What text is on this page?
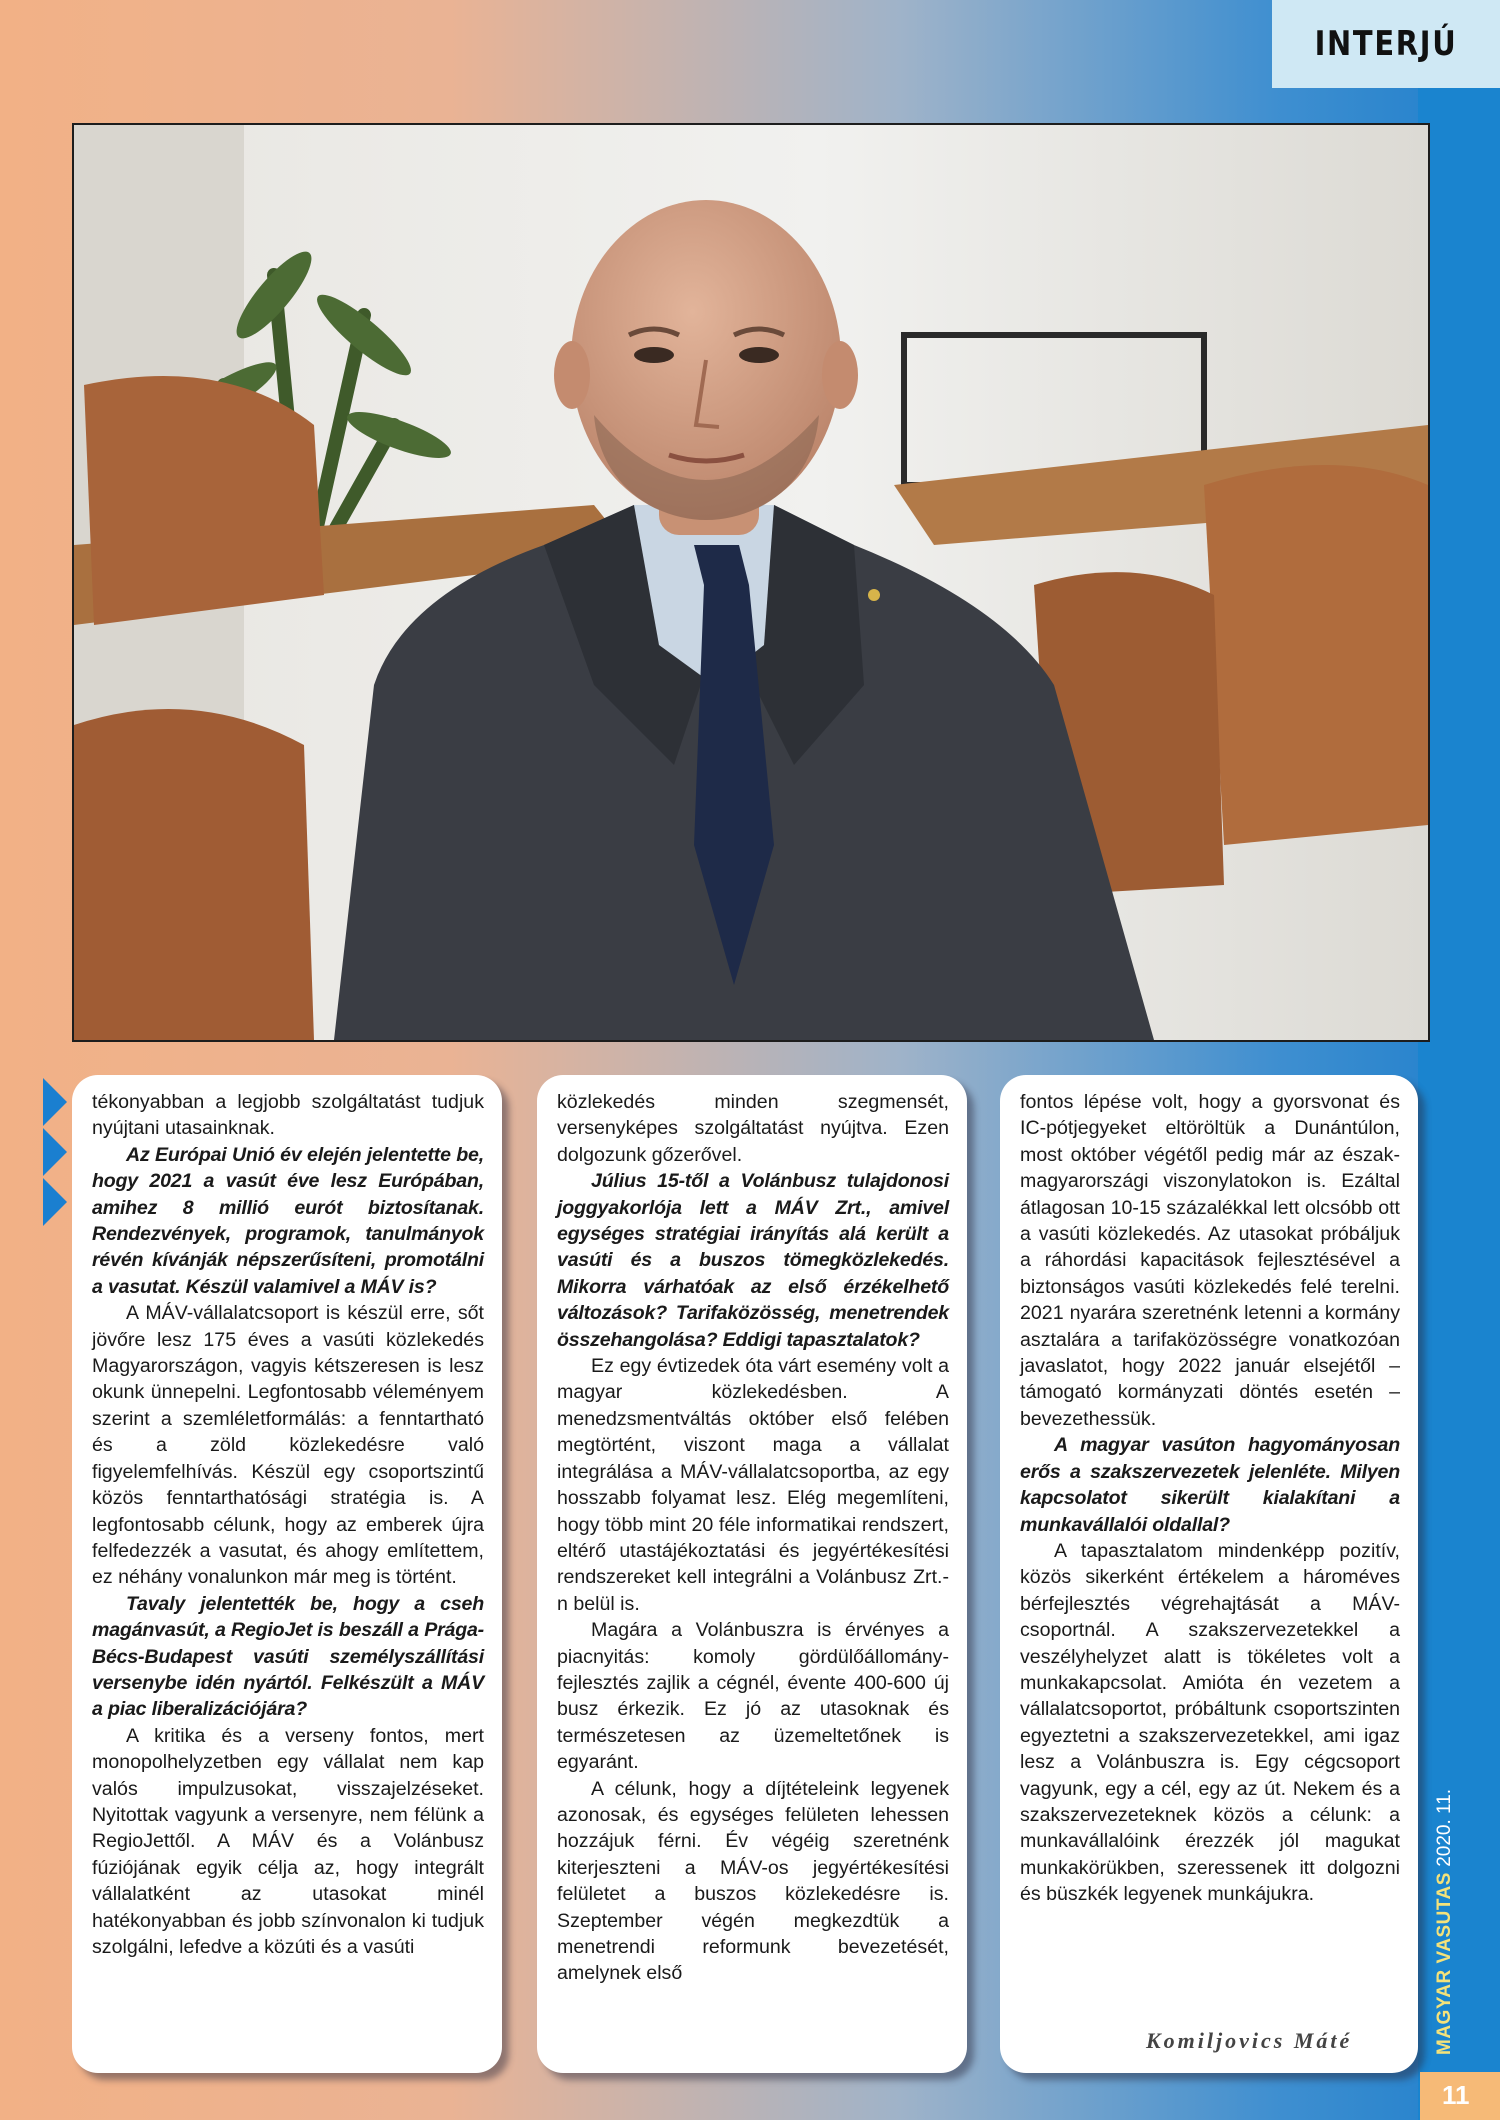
INTERJÚ

tékonyabban a legjobb szolgáltatást tudjuk nyújtani utasainknak.

Az Európai Unió év elején jelentette be, hogy 2021 a vasút éve lesz Európában, amihez 8 millió eurót biztosítanak. Rendezvények, programok, tanulmányok révén kívánják népszerűsíteni, promotálni a vasutat. Készül valamivel a MÁV is?

A MÁV-vállalatcsoport is készül erre, sőt jövőre lesz 175 éves a vasúti közlekedés Magyarországon, vagyis kétszeresen is lesz okunk ünnepelni. Legfontosabb véleményem szerint a szemléletformálás: a fenntartható és a zöld közlekedésre való figyelemfelhívás. Készül egy csoportszintű közös fenntarthatósági stratégia is. A legfontosabb célunk, hogy az emberek újra felfedezzék a vasutat, és ahogy említettem, ez néhány vonalunkon már meg is történt.

Tavaly jelentették be, hogy a cseh magánvasút, a RegioJet is beszáll a Prága-Bécs-Budapest vasúti személyszállítási versenybe idén nyártól. Felkészült a MÁV a piac liberalizációjára?

A kritika és a verseny fontos, mert monopolhelyzetben egy vállalat nem kap valós impulzusokat, visszajelzéseket. Nyitottak vagyunk a versenyre, nem félünk a RegioJettől. A MÁV és a Volánbusz fúziójának egyik célja az, hogy integrált vállalatként az utasokat minél hatékonyabban és jobb színvonalon ki tudjuk szolgálni, lefedve a közúti és a vasúti

közlekedés minden szegmensét, versenyképes szolgáltatást nyújtva. Ezen dolgozunk gőzerővel.

Július 15-től a Volánbusz tulajdonosi joggyakorlója lett a MÁV Zrt., amivel egységes stratégiai irányítás alá került a vasúti és a buszos tömegközlekedés. Mikorra várhatóak az első érzékelhető változások? Tarifaközösség, menetrendek összehangolása? Eddigi tapasztalatok?

Ez egy évtizedek óta várt esemény volt a magyar közlekedésben. A menedzsmentváltás október első felében megtörtént, viszont maga a vállalat integrálása a MÁV-vállalatcsoportba, az egy hosszabb folyamat lesz. Elég megemlíteni, hogy több mint 20 féle informatikai rendszert, eltérő utastájékoztatási és jegyértékesítési rendszereket kell integrálni a Volánbusz Zrt.-n belül is.

Magára a Volánbuszra is érvényes a piacnyitás: komoly gördülőállomány-fejlesztés zajlik a cégnél, évente 400-600 új busz érkezik. Ez jó az utasoknak és természetesen az üzemeltetőnek is egyaránt.

A célunk, hogy a díjtételeink legyenek azonosak, és egységes felületen lehessen hozzájuk férni. Év végéig szeretnénk kiterjeszteni a MÁV-os jegyértékesítési felületet a buszos közlekedésre is. Szeptember végén megkezdtük a menetrendi reformunk bevezetését, amelynek első

fontos lépése volt, hogy a gyorsvonat és IC-pótjegyeket eltöröltük a Dunántúlon, most október végétől pedig már az észak-magyarországi viszonylatokon is. Ezáltal átlagosan 10-15 százalékkal lett olcsóbb ott a vasúti közlekedés. Az utasokat próbáljuk a ráhordási kapacitások fejlesztésével a biztonságos vasúti közlekedés felé terelni. 2021 nyarára szeretnénk letenni a kormány asztalára a tarifaközösségre vonatkozóan javaslatot, hogy 2022 január elsejétől – támogató kormányzati döntés esetén – bevezethessük.

A magyar vasúton hagyományosan erős a szakszervezetek jelenléte. Milyen kapcsolatot sikerült kialakítani a munkavállalói oldallal?

A tapasztalatom mindenképp pozitív, közös sikerként értékelem a hároméves bérfejlesztés végrehajtását a MÁV-csoportnál. A szakszervezetekkel a veszélyhelyzet alatt is tökéletes volt a munkakapcsolat. Amióta én vezetem a vállalatcsoportot, próbáltunk csoportszinten egyeztetni a szakszervezetekkel, ami igaz lesz a Volánbuszra is. Egy cégcsoport vagyunk, egy a cél, egy az út. Nekem és a szakszervezeteknek közös a célunk: a munkavállalóink érezzék jól magukat munkakörükben, szeressenek itt dolgozni és büszkék legyenek munkájukra.

Komiljovics Máté	MAGYAR VASUTAS 2020. 11.
11
